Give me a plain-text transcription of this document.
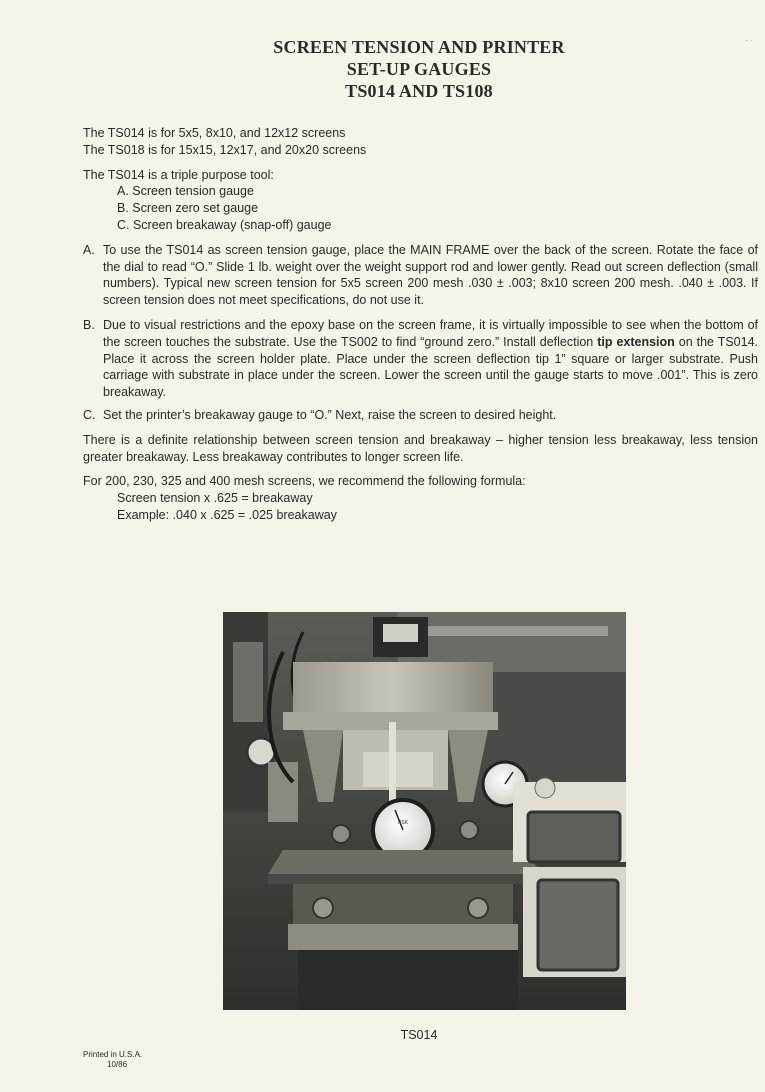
- ·
SCREEN TENSION AND PRINTER
SET-UP GAUGES
TS014 AND TS108

The TS014 is for 5x5, 8x10, and 12x12 screens

The TS018 is for 15x15, 12x17, and 20x20 screens

The TS014 is a triple purpose tool:

A. Screen tension gauge

B. Screen zero set gauge

C. Screen breakaway (snap-off) gauge

A. To use the TS014 as screen tension gauge, place the MAIN FRAME over the back of the screen. Rotate the face of the dial to read “O.” Slide 1 lb. weight over the weight support rod and lower gently. Read out screen deflection (small numbers). Typical new screen tension for 5x5 screen 200 mesh .030 ± .003; 8x10 screen 200 mesh. .040 ± .003. If screen tension does not meet specifications, do not use it.
B. Due to visual restrictions and the epoxy base on the screen frame, it is virtually impossible to see when the bottom of the screen touches the substrate. Use the TS002 to find “ground zero.” Install deflection tip extension on the TS014. Place it across the screen holder plate. Place under the screen deflection tip 1” square or larger substrate. Push carriage with substrate in place under the screen. Lower the screen until the gauge starts to move .001”. This is zero breakaway.
C. Set the printer’s breakaway gauge to “O.” Next, raise the screen to desired height.

There is a definite relationship between screen tension and breakaway – higher tension less breakaway, less tension greater breakaway. Less breakaway contributes to longer screen life.

For 200, 230, 325 and 400 mesh screens, we recommend the following formula:

Screen tension x .625 = breakaway

Example: .040 x .625 = .025 breakaway

NSK
TS014
Printed in U.S.A.
10/86
